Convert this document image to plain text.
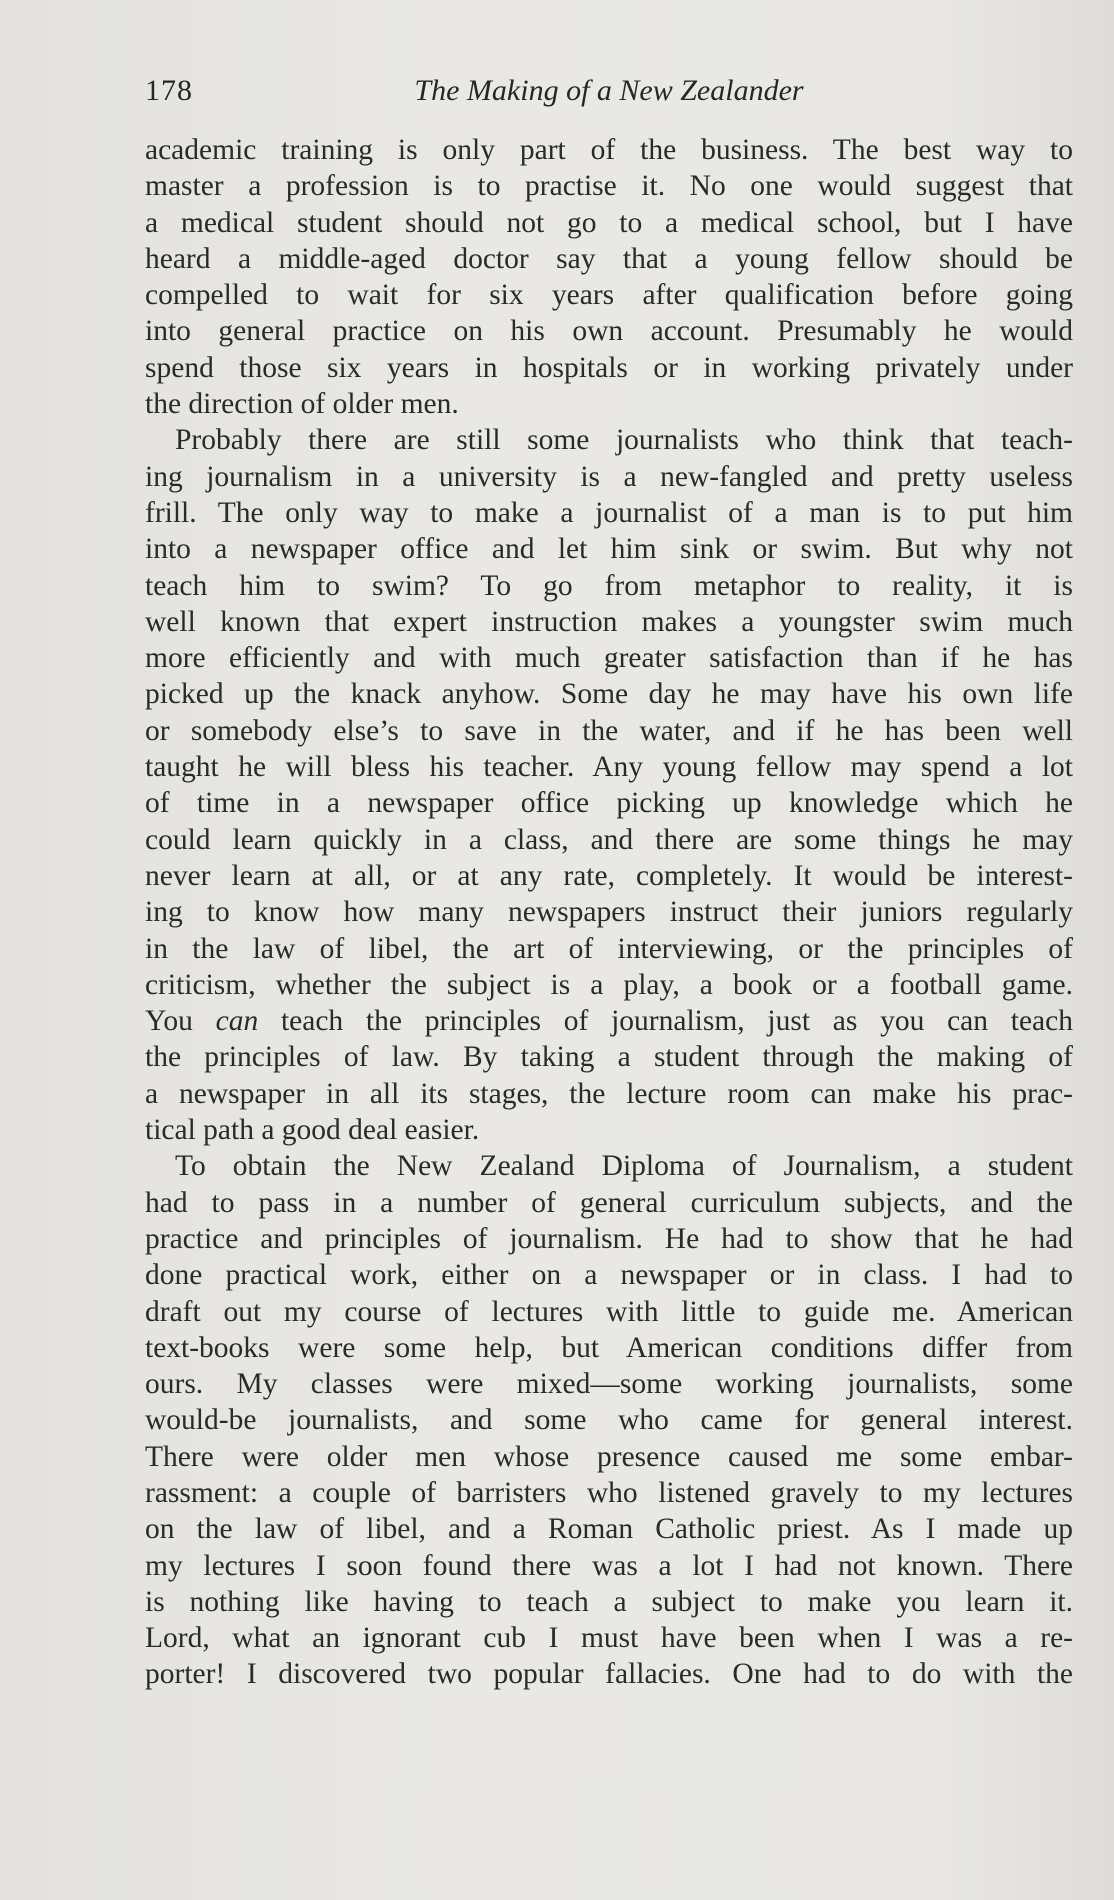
178	The Making of a New Zealander
academic training is only part of the business. The best way to
master a profession is to practise it. No one would suggest that
a medical student should not go to a medical school, but I have
heard a middle-aged doctor say that a young fellow should be
compelled to wait for six years after qualification before going
into general practice on his own account. Presumably he would
spend those six years in hospitals or in working privately under
the direction of older men.
Probably there are still some journalists who think that teach-
ing journalism in a university is a new-fangled and pretty useless
frill. The only way to make a journalist of a man is to put him
into a newspaper office and let him sink or swim. But why not
teach him to swim? To go from metaphor to reality, it is
well known that expert instruction makes a youngster swim much
more efficiently and with much greater satisfaction than if he has
picked up the knack anyhow. Some day he may have his own life
or somebody else’s to save in the water, and if he has been well
taught he will bless his teacher. Any young fellow may spend a lot
of time in a newspaper office picking up knowledge which he
could learn quickly in a class, and there are some things he may
never learn at all, or at any rate, completely. It would be interest-
ing to know how many newspapers instruct their juniors regularly
in the law of libel, the art of interviewing, or the principles of
criticism, whether the subject is a play, a book or a football game.
You can teach the principles of journalism, just as you can teach
the principles of law. By taking a student through the making of
a newspaper in all its stages, the lecture room can make his prac-
tical path a good deal easier.
To obtain the New Zealand Diploma of Journalism, a student
had to pass in a number of general curriculum subjects, and the
practice and principles of journalism. He had to show that he had
done practical work, either on a newspaper or in class. I had to
draft out my course of lectures with little to guide me. American
text-books were some help, but American conditions differ from
ours. My classes were mixed—some working journalists, some
would-be journalists, and some who came for general interest.
There were older men whose presence caused me some embar-
rassment: a couple of barristers who listened gravely to my lectures
on the law of libel, and a Roman Catholic priest. As I made up
my lectures I soon found there was a lot I had not known. There
is nothing like having to teach a subject to make you learn it.
Lord, what an ignorant cub I must have been when I was a re-
porter! I discovered two popular fallacies. One had to do with the
